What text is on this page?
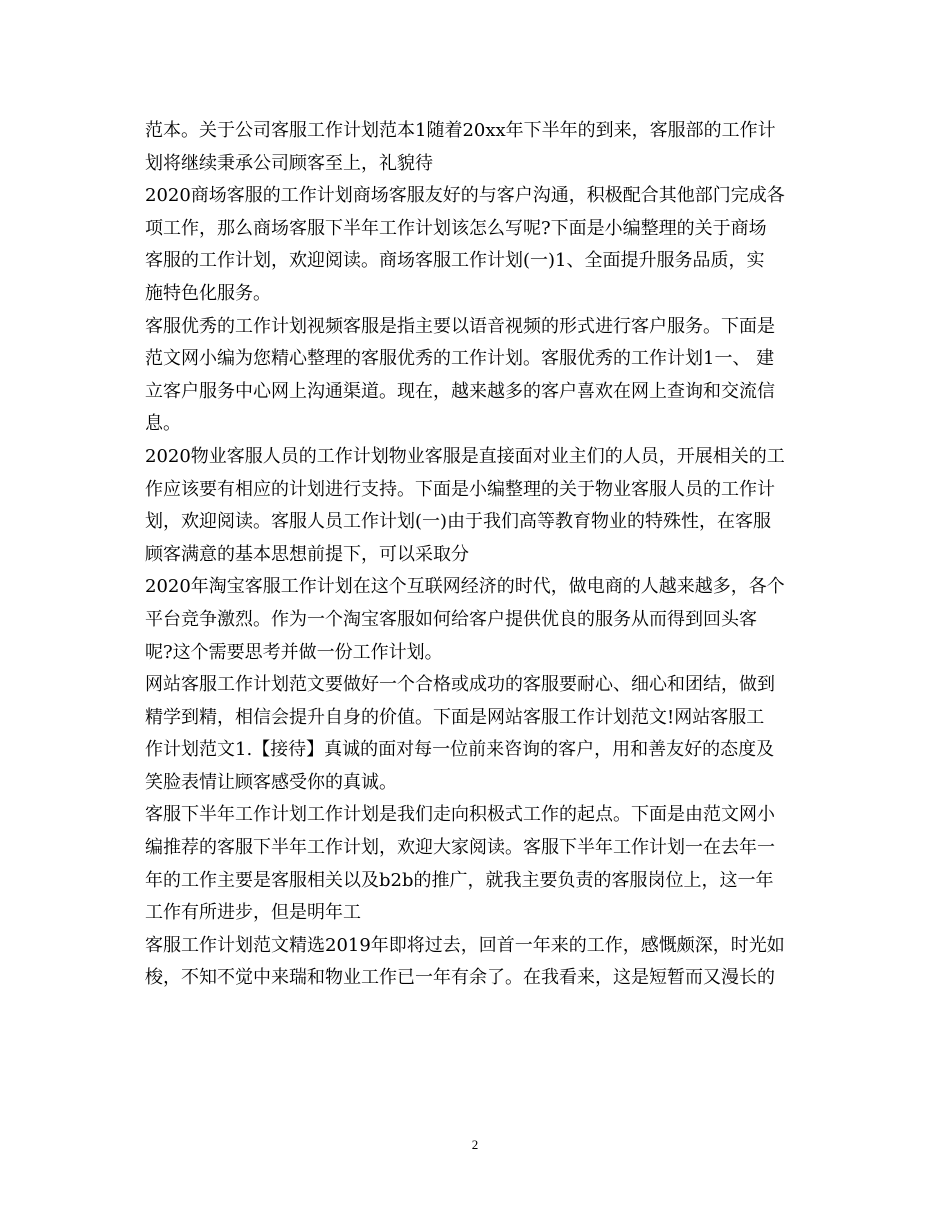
范本。关于公司客服工作计划范本1随着20xx年下半年的到来，客服部的工作计
划将继续秉承公司顾客至上，礼貌待
2020商场客服的工作计划商场客服友好的与客户沟通，积极配合其他部门完成各
项工作，那么商场客服下半年工作计划该怎么写呢?下面是小编整理的关于商场
客服的工作计划，欢迎阅读。商场客服工作计划(一)1、全面提升服务品质，实
施特色化服务。
客服优秀的工作计划视频客服是指主要以语音视频的形式进行客户服务。下面是
范文网小编为您精心整理的客服优秀的工作计划。客服优秀的工作计划1一、 建
立客户服务中心网上沟通渠道。现在，越来越多的客户喜欢在网上查询和交流信
息。
2020物业客服人员的工作计划物业客服是直接面对业主们的人员，开展相关的工
作应该要有相应的计划进行支持。下面是小编整理的关于物业客服人员的工作计
划，欢迎阅读。客服人员工作计划(一)由于我们高等教育物业的特殊性，在客服
顾客满意的基本思想前提下，可以采取分
2020年淘宝客服工作计划在这个互联网经济的时代，做电商的人越来越多，各个
平台竞争激烈。作为一个淘宝客服如何给客户提供优良的服务从而得到回头客
呢?这个需要思考并做一份工作计划。
网站客服工作计划范文要做好一个合格或成功的客服要耐心、细心和团结，做到
精学到精，相信会提升自身的价值。下面是网站客服工作计划范文!网站客服工
作计划范文1.【接待】真诚的面对每一位前来咨询的客户，用和善友好的态度及
笑脸表情让顾客感受你的真诚。
客服下半年工作计划工作计划是我们走向积极式工作的起点。下面是由范文网小
编推荐的客服下半年工作计划，欢迎大家阅读。客服下半年工作计划一在去年一
年的工作主要是客服相关以及b2b的推广，就我主要负责的客服岗位上，这一年
工作有所进步，但是明年工
客服工作计划范文精选2019年即将过去，回首一年来的工作，感慨颇深，时光如
梭，不知不觉中来瑞和物业工作已一年有余了。在我看来，这是短暂而又漫长的
2
